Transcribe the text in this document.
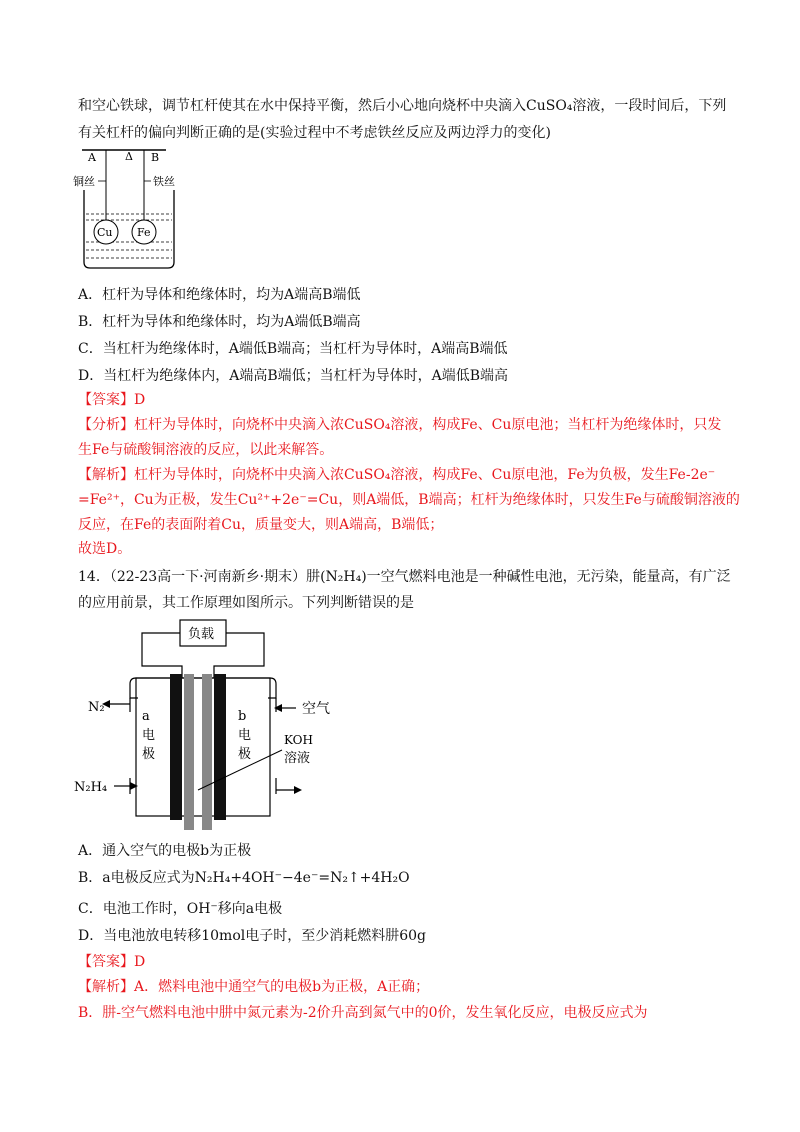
和空心铁球，调节杠杆使其在水中保持平衡，然后小心地向烧杯中央滴入CuSO₄溶液，一段时间后，下列
有关杠杆的偏向判断正确的是(实验过程中不考虑铁丝反应及两边浮力的变化)
A	Δ B
铜丝	铁丝
Cu Fe
A．杠杆为导体和绝缘体时，均为A端高B端低
B．杠杆为导体和绝缘体时，均为A端低B端高
C．当杠杆为绝缘体时，A端低B端高；当杠杆为导体时，A端高B端低
D．当杠杆为绝缘体内，A端高B端低；当杠杆为导体时，A端低B端高
【答案】D
【分析】杠杆为导体时，向烧杯中央滴入浓CuSO₄溶液，构成Fe、Cu原电池；当杠杆为绝缘体时，只发
生Fe与硫酸铜溶液的反应，以此来解答。
【解析】杠杆为导体时，向烧杯中央滴入浓CuSO₄溶液，构成Fe、Cu原电池，Fe为负极，发生Fe-2e⁻
=Fe²⁺，Cu为正极，发生Cu²⁺+2e⁻=Cu，则A端低，B端高；杠杆为绝缘体时，只发生Fe与硫酸铜溶液的
反应，在Fe的表面附着Cu，质量变大，则A端高，B端低；
故选D。
14．（22-23高一下·河南新乡·期末）肼(N₂H₄)一空气燃料电池是一种碱性电池，无污染，能量高，有广泛
的应用前景，其工作原理如图所示。下列判断错误的是
负载
N₂
N₂H₄
空气
a
电
极
b
电
极
KOH
溶液
A．通入空气的电极b为正极
B．a电极反应式为N₂H₄+4OH⁻−4e⁻=N₂↑+4H₂O
C．电池工作时，OH⁻移向a电极
D．当电池放电转移10mol电子时，至少消耗燃料肼60g
【答案】D
【解析】A．燃料电池中通空气的电极b为正极，A正确；
B．肼-空气燃料电池中肼中氮元素为-2价升高到氮气中的0价，发生氧化反应，电极反应式为
